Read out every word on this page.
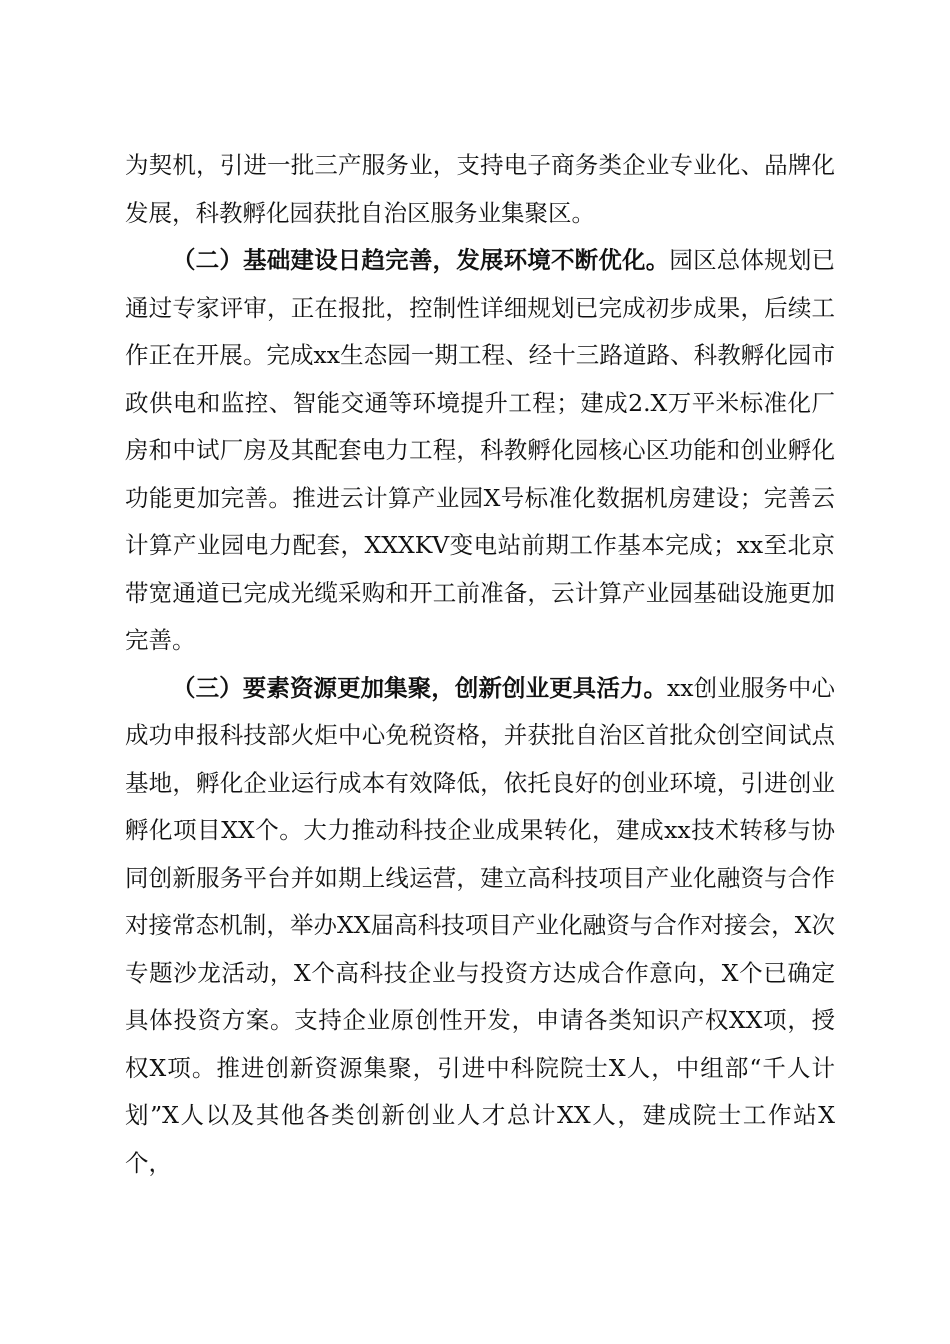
为契机，引进一批三产服务业，支持电子商务类企业专业化、品牌化发展，科教孵化园获批自治区服务业集聚区。

（二）基础建设日趋完善，发展环境不断优化。园区总体规划已通过专家评审，正在报批，控制性详细规划已完成初步成果，后续工作正在开展。完成xx生态园一期工程、经十三路道路、科教孵化园市政供电和监控、智能交通等环境提升工程；建成2.X万平米标准化厂房和中试厂房及其配套电力工程，科教孵化园核心区功能和创业孵化功能更加完善。推进云计算产业园X号标准化数据机房建设；完善云计算产业园电力配套，XXXKV变电站前期工作基本完成；xx至北京带宽通道已完成光缆采购和开工前准备，云计算产业园基础设施更加完善。

（三）要素资源更加集聚，创新创业更具活力。xx创业服务中心成功申报科技部火炬中心免税资格，并获批自治区首批众创空间试点基地，孵化企业运行成本有效降低，依托良好的创业环境，引进创业孵化项目XX个。大力推动科技企业成果转化，建成xx技术转移与协同创新服务平台并如期上线运营，建立高科技项目产业化融资与合作对接常态机制，举办XX届高科技项目产业化融资与合作对接会，X次专题沙龙活动，X个高科技企业与投资方达成合作意向，X个已确定具体投资方案。支持企业原创性开发，申请各类知识产权XX项，授权X项。推进创新资源集聚，引进中科院院士X人，中组部“千人计划”X人以及其他各类创新创业人才总计XX人，建成院士工作站X个，
